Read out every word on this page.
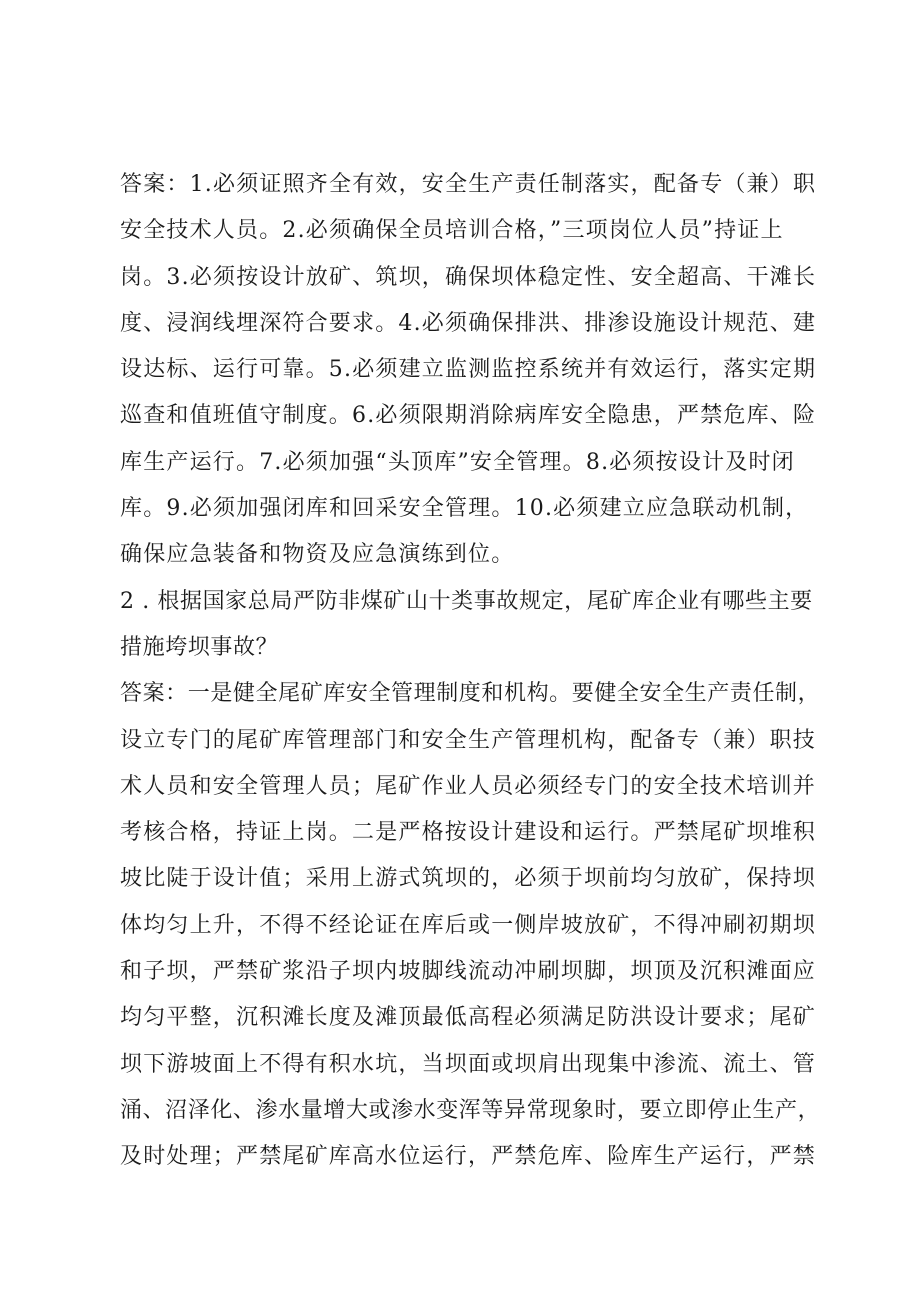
答案：1.必须证照齐全有效，安全生产责任制落实，配备专（兼）职
安全技术人员。2.必须确保全员培训合格，”三项岗位人员”持证上
岗。3.必须按设计放矿、筑坝，确保坝体稳定性、安全超高、干滩长
度、浸润线埋深符合要求。4.必须确保排洪、排渗设施设计规范、建
设达标、运行可靠。5.必须建立监测监控系统并有效运行，落实定期
巡查和值班值守制度。6.必须限期消除病库安全隐患，严禁危库、险
库生产运行。7.必须加强“头顶库”安全管理。8.必须按设计及时闭
库。9.必须加强闭库和回采安全管理。10.必须建立应急联动机制，
确保应急装备和物资及应急演练到位。
2 . 根据国家总局严防非煤矿山十类事故规定，尾矿库企业有哪些主要
措施垮坝事故？
答案：一是健全尾矿库安全管理制度和机构。要健全安全生产责任制，
设立专门的尾矿库管理部门和安全生产管理机构，配备专（兼）职技
术人员和安全管理人员；尾矿作业人员必须经专门的安全技术培训并
考核合格，持证上岗。二是严格按设计建设和运行。严禁尾矿坝堆积
坡比陡于设计值；采用上游式筑坝的，必须于坝前均匀放矿，保持坝
体均匀上升，不得不经论证在库后或一侧岸坡放矿，不得冲刷初期坝
和子坝，严禁矿浆沿子坝内坡脚线流动冲刷坝脚，坝顶及沉积滩面应
均匀平整，沉积滩长度及滩顶最低高程必须满足防洪设计要求；尾矿
坝下游坡面上不得有积水坑，当坝面或坝肩出现集中渗流、流土、管
涌、沼泽化、渗水量增大或渗水变浑等异常现象时，要立即停止生产，
及时处理；严禁尾矿库高水位运行，严禁危库、险库生产运行，严禁
